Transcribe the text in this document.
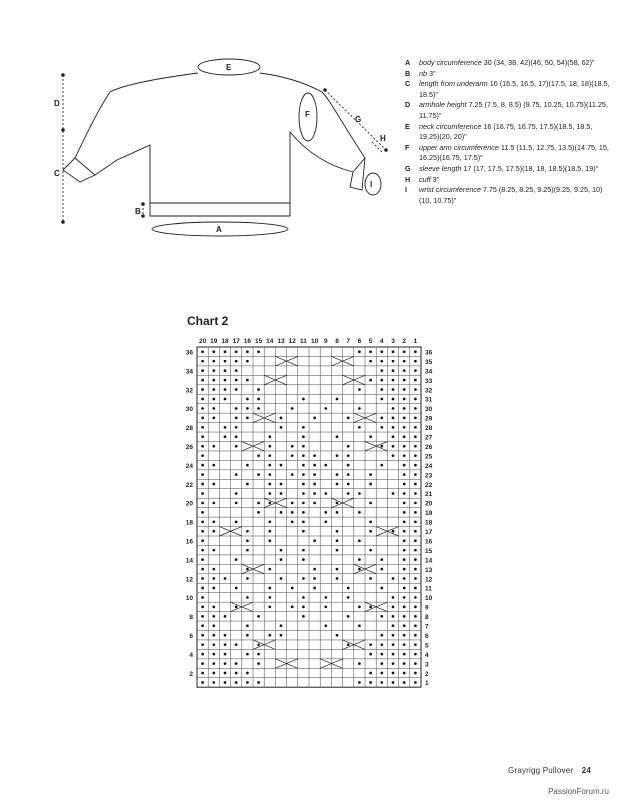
E
D
C
B
A
F
G
H
I
A	body circumference 30 (34, 38, 42)(46, 50, 54)(58, 62)"
B	rib 3"
C	length from underarm 16 (16.5, 16.5, 17)(17.5, 18, 18)(18.5, 18.5)"
D	armhole height 7.25 (7.5, 8, 8.5) (9.75, 10.25, 10.75)(11.25, 11.75)"
E	neck circumference 16 (16.75, 16.75, 17.5)(18.5, 18.5, 19.25)(20, 20)"
F	upper arm circumference 11.5 (11.5, 12.75, 13.5)(14.75, 15, 16.25)(16.75, 17.5)"
G	sleeve length 17 (17, 17.5, 17.5)(18, 18, 18.5)(18.5, 19)"
H	cuff 3"
I	wrist circumference 7.75 (8.25, 8.25, 9.25)(9.25, 9.25, 10)(10, 10.75)"
Chart 2
20 19 18 17 16 15 14 13 12 11 10 9 8 7 6 5 4 3 2 1
36
35
34
33
32
31
30
29
28
27
26
25
24
23
22
21
20
19
18
17
16
15
14
13
12
11
10
9
8
7
6
5
4
3
2
1
36
34
32
30
28
26
24
22
20
18
16
14
12
10
8
6
4
2
Grayrigg Pullover 24
PassionForum.ru
